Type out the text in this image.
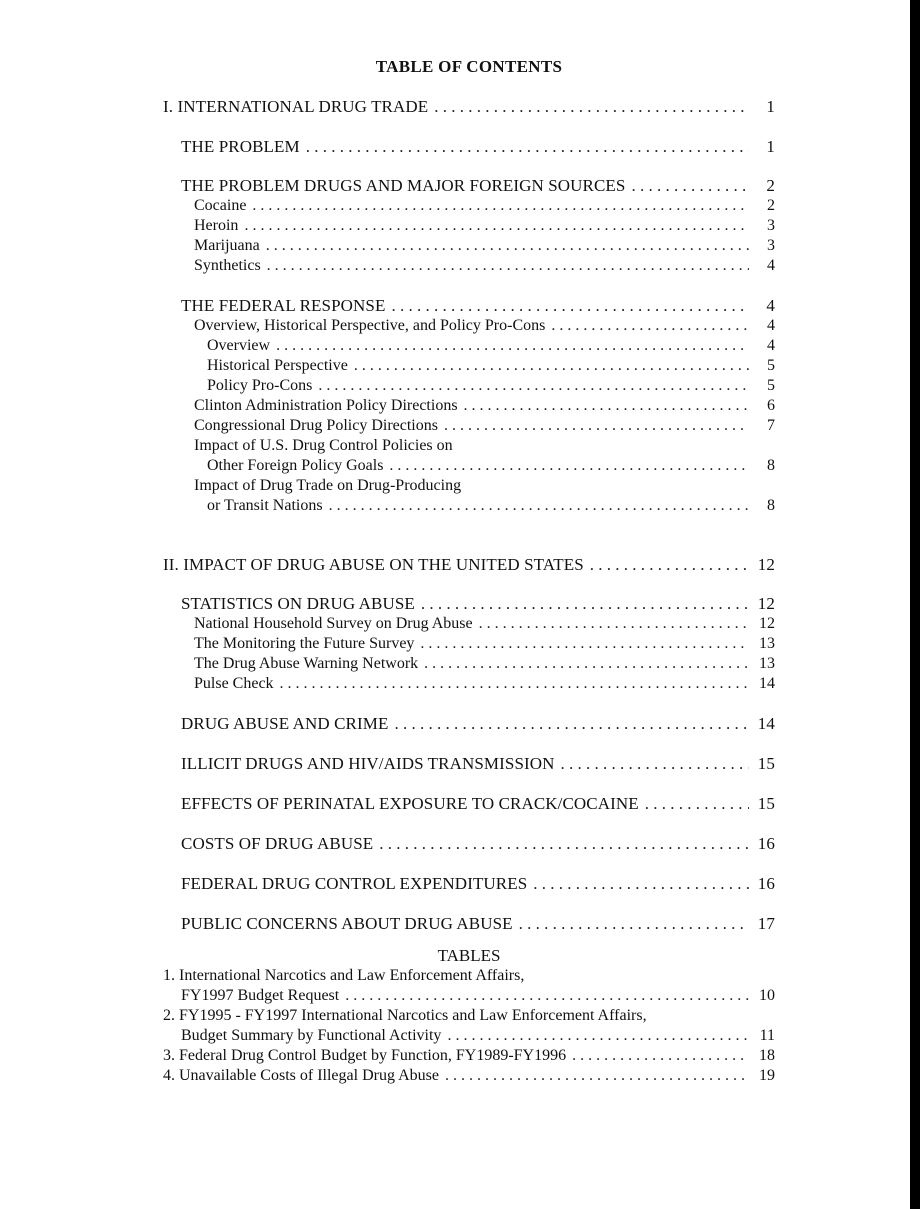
TABLE OF CONTENTS
I. INTERNATIONAL DRUG TRADE . . .	1
THE PROBLEM . . .	1
THE PROBLEM DRUGS AND MAJOR FOREIGN SOURCES . . .	2
Cocaine . . .	2
Heroin . . .	3
Marijuana . . .	3
Synthetics . . .	4
THE FEDERAL RESPONSE . . .	4
Overview, Historical Perspective, and Policy Pro-Cons . . .	4
Overview . . .	4
Historical Perspective . . .	5
Policy Pro-Cons . . .	5
Clinton Administration Policy Directions . . .	6
Congressional Drug Policy Directions . . .	7
Impact of U.S. Drug Control Policies on
Other Foreign Policy Goals . . .	8
Impact of Drug Trade on Drug-Producing
or Transit Nations . . .	8
II. IMPACT OF DRUG ABUSE ON THE UNITED STATES . . .	12
STATISTICS ON DRUG ABUSE . . .	12
National Household Survey on Drug Abuse . . .	12
The Monitoring the Future Survey . . .	13
The Drug Abuse Warning Network . . .	13
Pulse Check . . .	14
DRUG ABUSE AND CRIME . . .	14
ILLICIT DRUGS AND HIV/AIDS TRANSMISSION . . .	15
EFFECTS OF PERINATAL EXPOSURE TO CRACK/COCAINE . . .	15
COSTS OF DRUG ABUSE . . .	16
FEDERAL DRUG CONTROL EXPENDITURES . . .	16
PUBLIC CONCERNS ABOUT DRUG ABUSE . . .	17
TABLES
1. International Narcotics and Law Enforcement Affairs,
FY1997 Budget Request . . .	10
2. FY1995 - FY1997 International Narcotics and Law Enforcement Affairs,
Budget Summary by Functional Activity . . .	11
3. Federal Drug Control Budget by Function, FY1989-FY1996 . . .	18
4. Unavailable Costs of Illegal Drug Abuse . . .	19
